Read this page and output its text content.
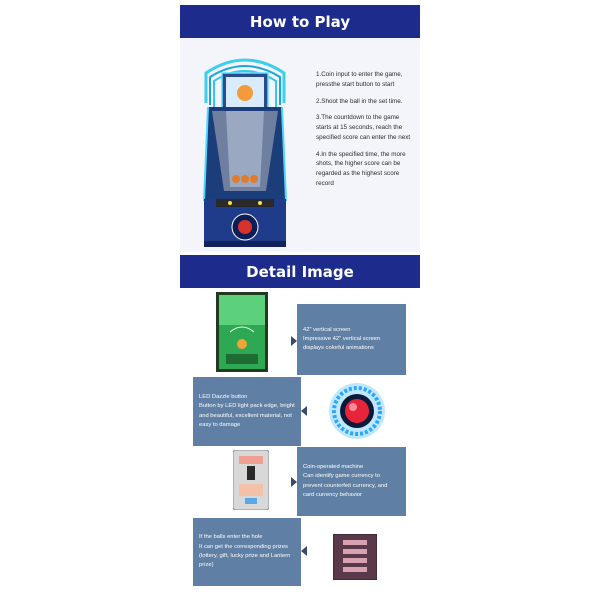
How to Play

1.Coin input to enter the game, pressthe start button to start

2.Shoot the ball in the set time.

3.The countdown to the game starts at 15 seconds, reach the specified score can enter the next

4.In the specified time, the more shots, the higher score can be regarded as the highest score record

Detail Image
42" vertical screen
Impressive 42" vertical screen displays colorful animations
LED Dazzle button
Button by LED light pack edge, bright and beautiful, excellent material, not easy to damage
Coin-operated machine
Can identify game currency to prevent counterfeit currency, and card currency behavior
If the balls enter the hole
It can get the corresponding prizes (lottery, gift, lucky prize and Lantern prize)
